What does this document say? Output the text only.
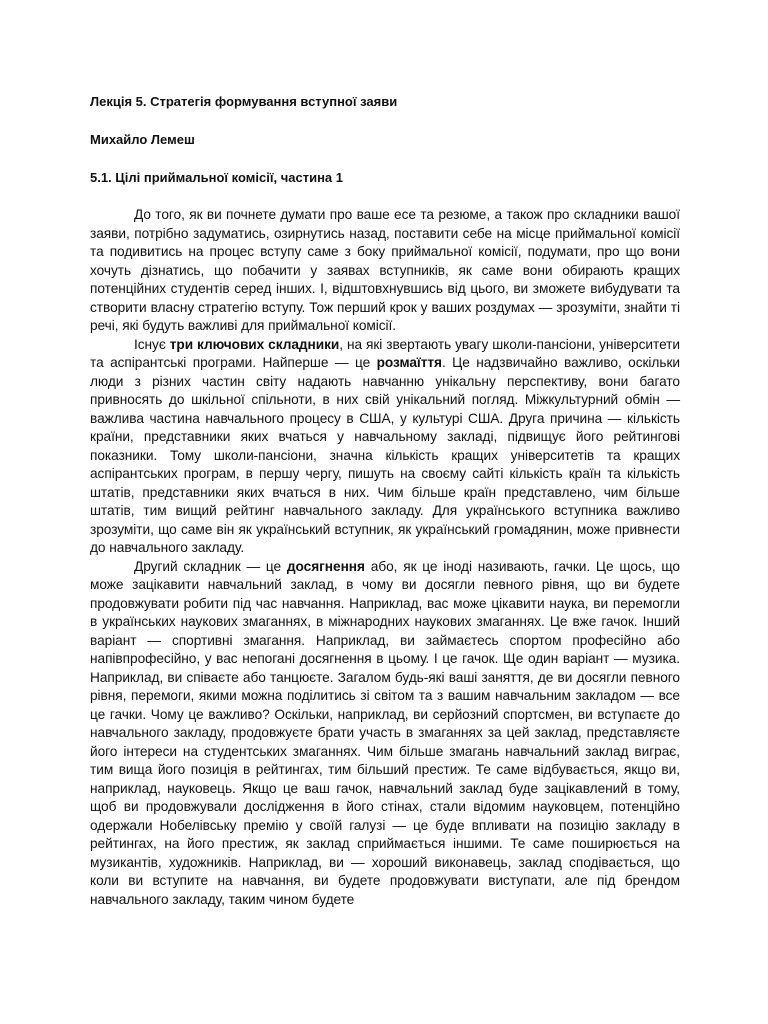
Лекція 5. Стратегія формування вступної заяви

Михайло Лемеш

5.1. Цілі приймальної комісії, частина 1

До того, як ви почнете думати про ваше есе та резюме, а також про складники вашої заяви, потрібно задуматись, озирнутись назад, поставити себе на місце приймальної комісії та подивитись на процес вступу саме з боку приймальної комісії, подумати, про що вони хочуть дізнатись, що побачити у заявах вступників, як саме вони обирають кращих потенційних студентів серед інших. І, відштовхнувшись від цього, ви зможете вибудувати та створити власну стратегію вступу. Тож перший крок у ваших роздумах — зрозуміти, знайти ті речі, які будуть важливі для приймальної комісії.

Існує три ключових складники, на які звертають увагу школи-пансіони, університети та аспірантські програми. Найперше — це розмаїття. Це надзвичайно важливо, оскільки люди з різних частин світу надають навчанню унікальну перспективу, вони багато привносять до шкільної спільноти, в них свій унікальний погляд. Міжкультурний обмін — важлива частина навчального процесу в США, у культурі США. Друга причина — кількість країни, представники яких вчаться у навчальному закладі, підвищує його рейтингові показники. Тому школи-пансіони, значна кількість кращих університетів та кращих аспірантських програм, в першу чергу, пишуть на своєму сайті кількість країн та кількість штатів, представники яких вчаться в них. Чим більше країн представлено, чим більше штатів, тим вищий рейтинг навчального закладу. Для українського вступника важливо зрозуміти, що саме він як український вступник, як український громадянин, може привнести до навчального закладу.

Другий складник — це досягнення або, як це іноді називають, гачки. Це щось, що може зацікавити навчальний заклад, в чому ви досягли певного рівня, що ви будете продовжувати робити під час навчання. Наприклад, вас може цікавити наука, ви перемогли в українських наукових змаганнях, в міжнародних наукових змаганнях. Це вже гачок. Інший варіант — спортивні змагання. Наприклад, ви займаєтесь спортом професійно або напівпрофесійно, у вас непогані досягнення в цьому. І це гачок. Ще один варіант — музика. Наприклад, ви співаєте або танцюєте. Загалом будь-які ваші заняття, де ви досягли певного рівня, перемоги, якими можна поділитись зі світом та з вашим навчальним закладом — все це гачки. Чому це важливо? Оскільки, наприклад, ви серйозний спортсмен, ви вступаєте до навчального закладу, продовжуєте брати участь в змаганнях за цей заклад, представляєте його інтереси на студентських змаганнях. Чим більше змагань навчальний заклад виграє, тим вища його позиція в рейтингах, тим більший престиж. Те саме відбувається, якщо ви, наприклад, науковець. Якщо це ваш гачок, навчальний заклад буде зацікавлений в тому, щоб ви продовжували дослідження в його стінах, стали відомим науковцем, потенційно одержали Нобелівську премію у своїй галузі — це буде впливати на позицію закладу в рейтингах, на його престиж, як заклад сприймається іншими. Те саме поширюється на музикантів, художників. Наприклад, ви — хороший виконавець, заклад сподівається, що коли ви вступите на навчання, ви будете продовжувати виступати, але під брендом навчального закладу, таким чином будете
